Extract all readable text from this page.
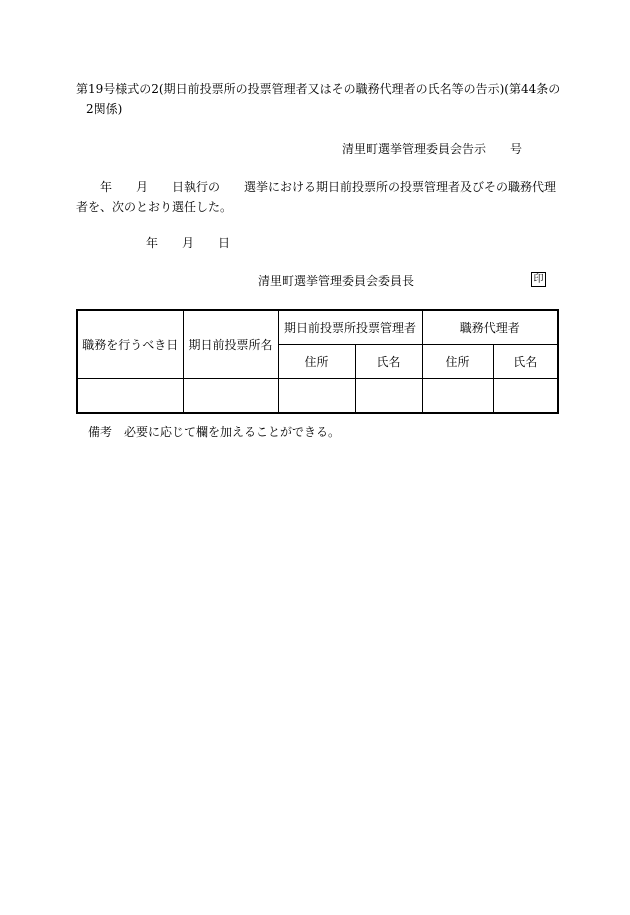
第19号様式の2(期日前投票所の投票管理者又はその職務代理者の氏名等の告示)(第44条の
2関係)
清里町選挙管理委員会告示　　号
年　　月　　日執行の　　選挙における期日前投票所の投票管理者及びその職務代理
者を、次のとおり選任した。
年　　月　　日
清里町選挙管理委員会委員長	印
職務を行うべき日	期日前投票所名	期日前投票所投票管理者		職務代理者	
		住所	氏名	住所	氏名

備考　必要に応じて欄を加えることができる。
